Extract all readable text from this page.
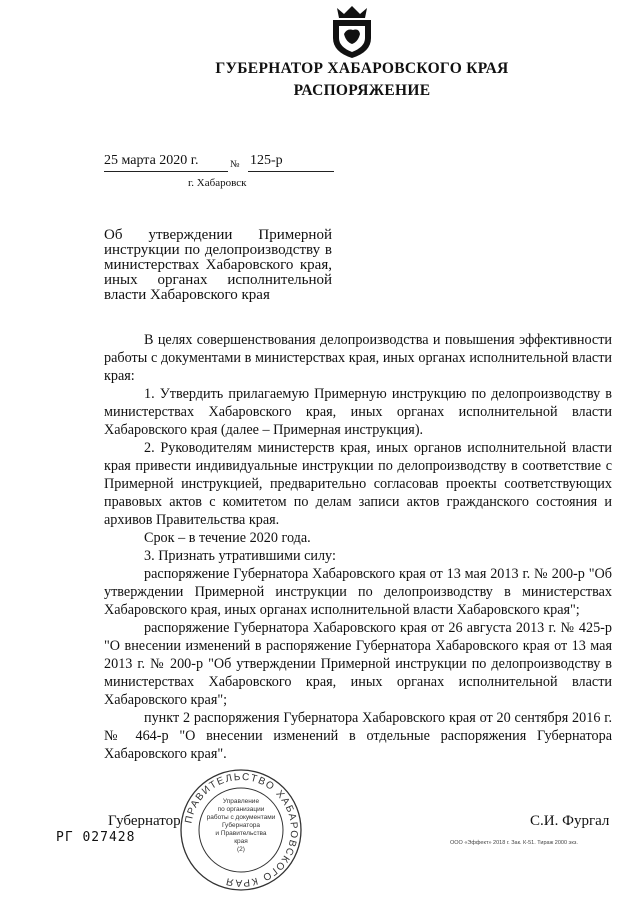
ГУБЕРНАТОР ХАБАРОВСКОГО КРАЯ
РАСПОРЯЖЕНИЕ
25 марта 2020 г.	№ 125-р
г. Хабаровск
Об утверждении Примерной инструкции по делопроизводству в министерствах Хабаровского края, иных органах исполнительной власти Хабаровского края

В целях совершенствования делопроизводства и повышения эффективности работы с документами в министерствах края, иных органах исполнительной власти края:

1. Утвердить прилагаемую Примерную инструкцию по делопроизводству в министерствах Хабаровского края, иных органах исполнительной власти Хабаровского края (далее – Примерная инструкция).

2. Руководителям министерств края, иных органов исполнительной власти края привести индивидуальные инструкции по делопроизводству в соответствие с Примерной инструкцией, предварительно согласовав проекты соответствующих правовых актов с комитетом по делам записи актов гражданского состояния и архивов Правительства края.

Срок – в течение 2020 года.

3. Признать утратившими силу:

распоряжение Губернатора Хабаровского края от 13 мая 2013 г. № 200-р "Об утверждении Примерной инструкции по делопроизводству в министерствах Хабаровского края, иных органах исполнительной власти Хабаровского края";

распоряжение Губернатора Хабаровского края от 26 августа 2013 г. № 425-р "О внесении изменений в распоряжение Губернатора Хабаровского края от 13 мая 2013 г. № 200-р "Об утверждении Примерной инструкции по делопроизводству в министерствах Хабаровского края, иных органах исполнительной власти Хабаровского края";

пункт 2 распоряжения Губернатора Хабаровского края от 20 сентября 2016 г. № 464-р "О внесении изменений в отдельные распоряжения Губернатора Хабаровского края".

Губернатор	С.И. Фургал
ПРАВИТЕЛЬСТВО ХАБАРОВСКОГО КРАЯ
Управление
по организации
работы с документами
Губернатора
и Правительства
края
(2)
РГ 027428	ООО «Эффект» 2018 г. Зак. К-51. Тираж 2000 экз.
